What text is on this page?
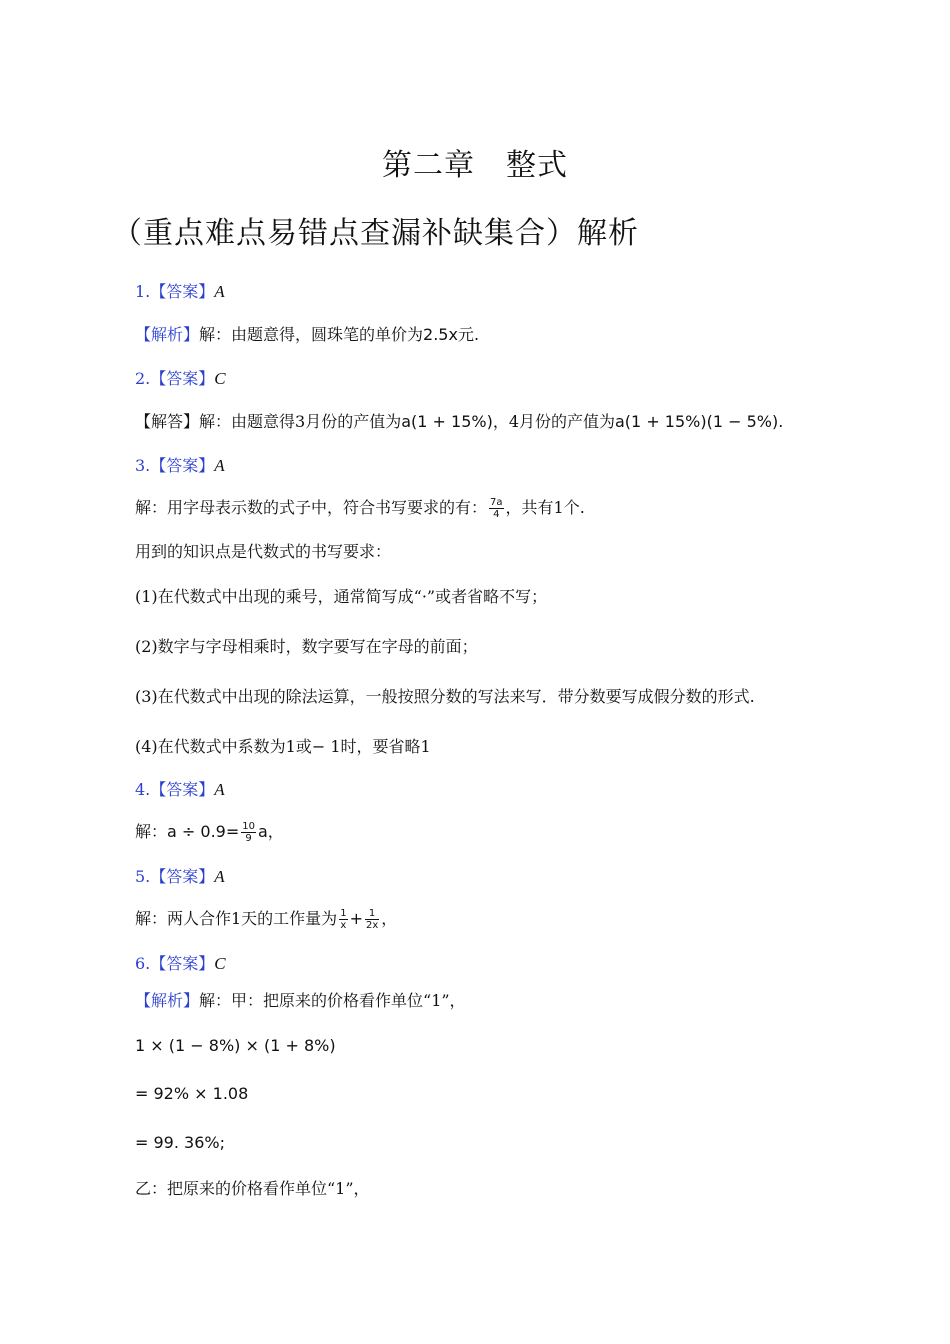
第二章　整式
（重点难点易错点查漏补缺集合）解析
1.【答案】A
【解析】解：由题意得，圆珠笔的单价为2.5x元.
2.【答案】C
【解答】解：由题意得3月份的产值为a(1 + 15%)，4月份的产值为a(1 + 15%)(1 − 5%).
3.【答案】A
解：用字母表示数的式子中，符合书写要求的有： $\frac{7a}{4}$ ，共有1个.
用到的知识点是代数式的书写要求：
(1)在代数式中出现的乘号，通常简写成“·”或者省略不写；
(2)数字与字母相乘时，数字要写在字母的前面；
(3)在代数式中出现的除法运算，一般按照分数的写法来写．带分数要写成假分数的形式.
(4)在代数式中系数为1或− 1时，要省略1
4.【答案】A
解：$a \div 0.9= \frac{10}{9}$ a，
5.【答案】A
解：两人合作1天的工作量为 $\frac{1}{x} + \frac{1}{2x}$ ，
6.【答案】C
【解析】解：甲：把原来的价格看作单位“1”，
1 × (1 − 8%) × (1 + 8%)
= 92% × 1.08
= 99. 36%;
乙：把原来的价格看作单位“1”，
